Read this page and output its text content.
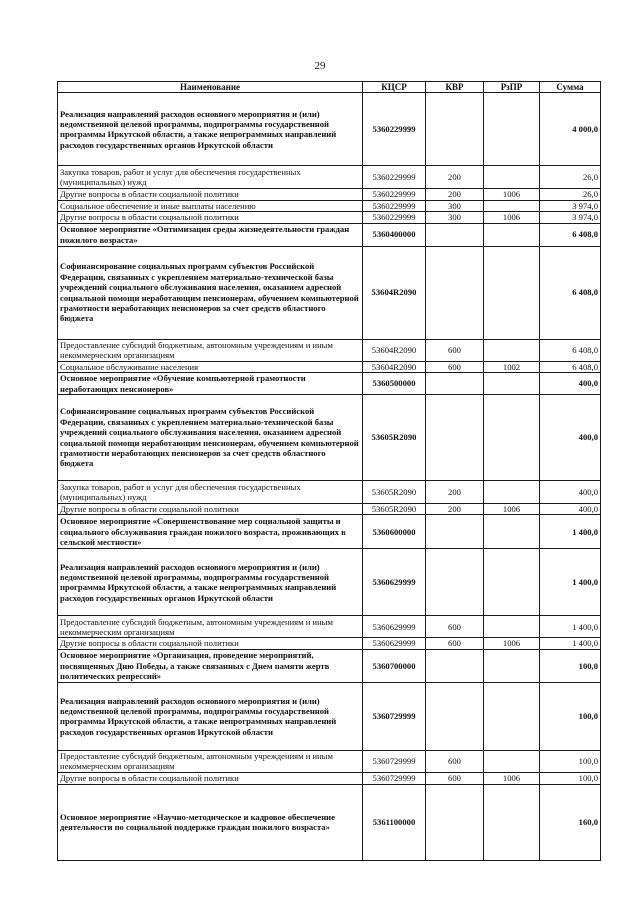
29
Наименование	КЦСР	КВР	РзПР	Сумма
Реализация направлений расходов основного мероприятия и (или) ведомственной целевой программы, подпрограммы государственной программы Иркутской области, а также непрограммных направлений расходов государственных органов Иркутской области	5360229999			4 000,0
Закупка товаров, работ и услуг для обеспечения государственных (муниципальных) нужд	5360229999	200		26,0
Другие вопросы в области социальной политики	5360229999	200	1006	26,0
Социальное обеспечение и иные выплаты населению	5360229999	300		3 974,0
Другие вопросы в области социальной политики	5360229999	300	1006	3 974,0
Основное мероприятие «Оптимизация среды жизнедеятельности граждан пожилого возраста»	5360400000			6 408,0
Софинансирование социальных программ субъектов Российской Федерации, связанных с укреплением материально-технической базы учреждений социального обслуживания населения, оказанием адресной социальной помощи неработающим пенсионерам, обучением компьютерной грамотности неработающих пенсионеров за счет средств областного бюджета	53604R2090			6 408,0
Предоставление субсидий бюджетным, автономным учреждениям и иным некоммерческим организациям	53604R2090	600		6 408,0
Социальное обслуживание населения	53604R2090	600	1002	6 408,0
Основное мероприятие «Обучение компьютерной грамотности неработающих пенсионеров»	5360500000			400,0
Софинансирование социальных программ субъектов Российской Федерации, связанных с укреплением материально-технической базы учреждений социального обслуживания населения, оказанием адресной социальной помощи неработающим пенсионерам, обучением компьютерной грамотности неработающих пенсионеров за счет средств областного бюджета	53605R2090			400,0
Закупка товаров, работ и услуг для обеспечения государственных (муниципальных) нужд	53605R2090	200		400,0
Другие вопросы в области социальной политики	53605R2090	200	1006	400,0
Основное мероприятие «Совершенствование мер социальной защиты и социального обслуживания граждан пожилого возраста, проживающих в сельской местности»	5360600000			1 400,0
Реализация направлений расходов основного мероприятия и (или) ведомственной целевой программы, подпрограммы государственной программы Иркутской области, а также непрограммных направлений расходов государственных органов Иркутской области	5360629999			1 400,0
Предоставление субсидий бюджетным, автономным учреждениям и иным некоммерческим организациям	5360629999	600		1 400,0
Другие вопросы в области социальной политики	5360629999	600	1006	1 400,0
Основное мероприятие «Организация, проведение мероприятий, посвященных Дню Победы, а также связанных с Днем памяти жертв политических репрессий»	5360700000			100,0
Реализация направлений расходов основного мероприятия и (или) ведомственной целевой программы, подпрограммы государственной программы Иркутской области, а также непрограммных направлений расходов государственных органов Иркутской области	5360729999			100,0
Предоставление субсидий бюджетным, автономным учреждениям и иным некоммерческим организациям	5360729999	600		100,0
Другие вопросы в области социальной политики	5360729999	600	1006	100,0
Основное мероприятие «Научно-методическое и кадровое обеспечение деятельности по социальной поддержке граждан пожилого возраста»	5361100000			160,0
